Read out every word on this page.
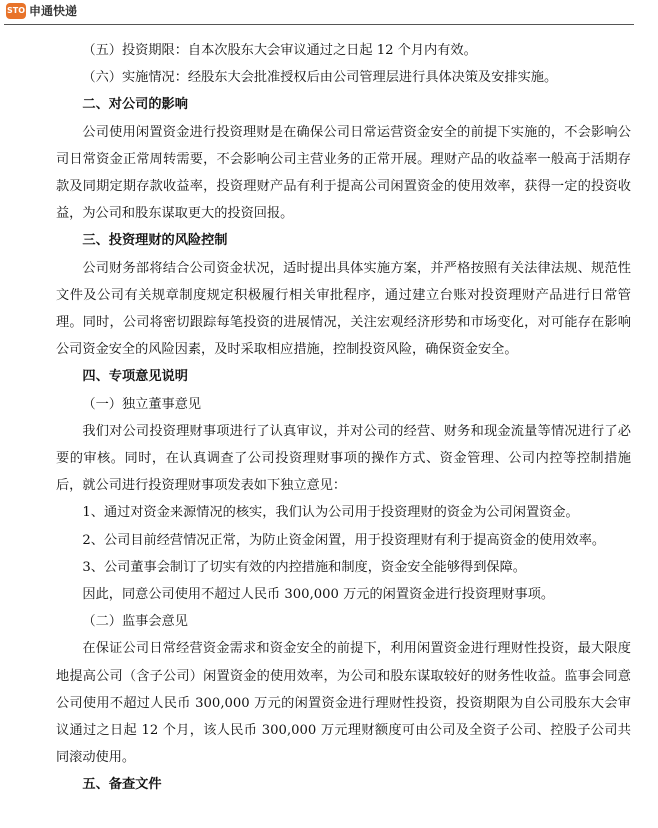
STO 申通快递

（五）投资期限：自本次股东大会审议通过之日起 12 个月内有效。

（六）实施情况：经股东大会批准授权后由公司管理层进行具体决策及安排实施。

二、对公司的影响

公司使用闲置资金进行投资理财是在确保公司日常运营资金安全的前提下实施的，不会影响公司日常资金正常周转需要，不会影响公司主营业务的正常开展。理财产品的收益率一般高于活期存款及同期定期存款收益率，投资理财产品有利于提高公司闲置资金的使用效率，获得一定的投资收益，为公司和股东谋取更大的投资回报。

三、投资理财的风险控制

公司财务部将结合公司资金状况，适时提出具体实施方案，并严格按照有关法律法规、规范性文件及公司有关规章制度规定积极履行相关审批程序，通过建立台账对投资理财产品进行日常管理。同时，公司将密切跟踪每笔投资的进展情况，关注宏观经济形势和市场变化，对可能存在影响公司资金安全的风险因素，及时采取相应措施，控制投资风险，确保资金安全。

四、专项意见说明

（一）独立董事意见

我们对公司投资理财事项进行了认真审议，并对公司的经营、财务和现金流量等情况进行了必要的审核。同时，在认真调查了公司投资理财事项的操作方式、资金管理、公司内控等控制措施后，就公司进行投资理财事项发表如下独立意见：

1、通过对资金来源情况的核实，我们认为公司用于投资理财的资金为公司闲置资金。

2、公司目前经营情况正常，为防止资金闲置，用于投资理财有利于提高资金的使用效率。

3、公司董事会制订了切实有效的内控措施和制度，资金安全能够得到保障。

因此，同意公司使用不超过人民币 300,000 万元的闲置资金进行投资理财事项。

（二）监事会意见

在保证公司日常经营资金需求和资金安全的前提下，利用闲置资金进行理财性投资，最大限度地提高公司（含子公司）闲置资金的使用效率，为公司和股东谋取较好的财务性收益。监事会同意公司使用不超过人民币 300,000 万元的闲置资金进行理财性投资，投资期限为自公司股东大会审议通过之日起 12 个月，该人民币 300,000 万元理财额度可由公司及全资子公司、控股子公司共同滚动使用。

五、备查文件
